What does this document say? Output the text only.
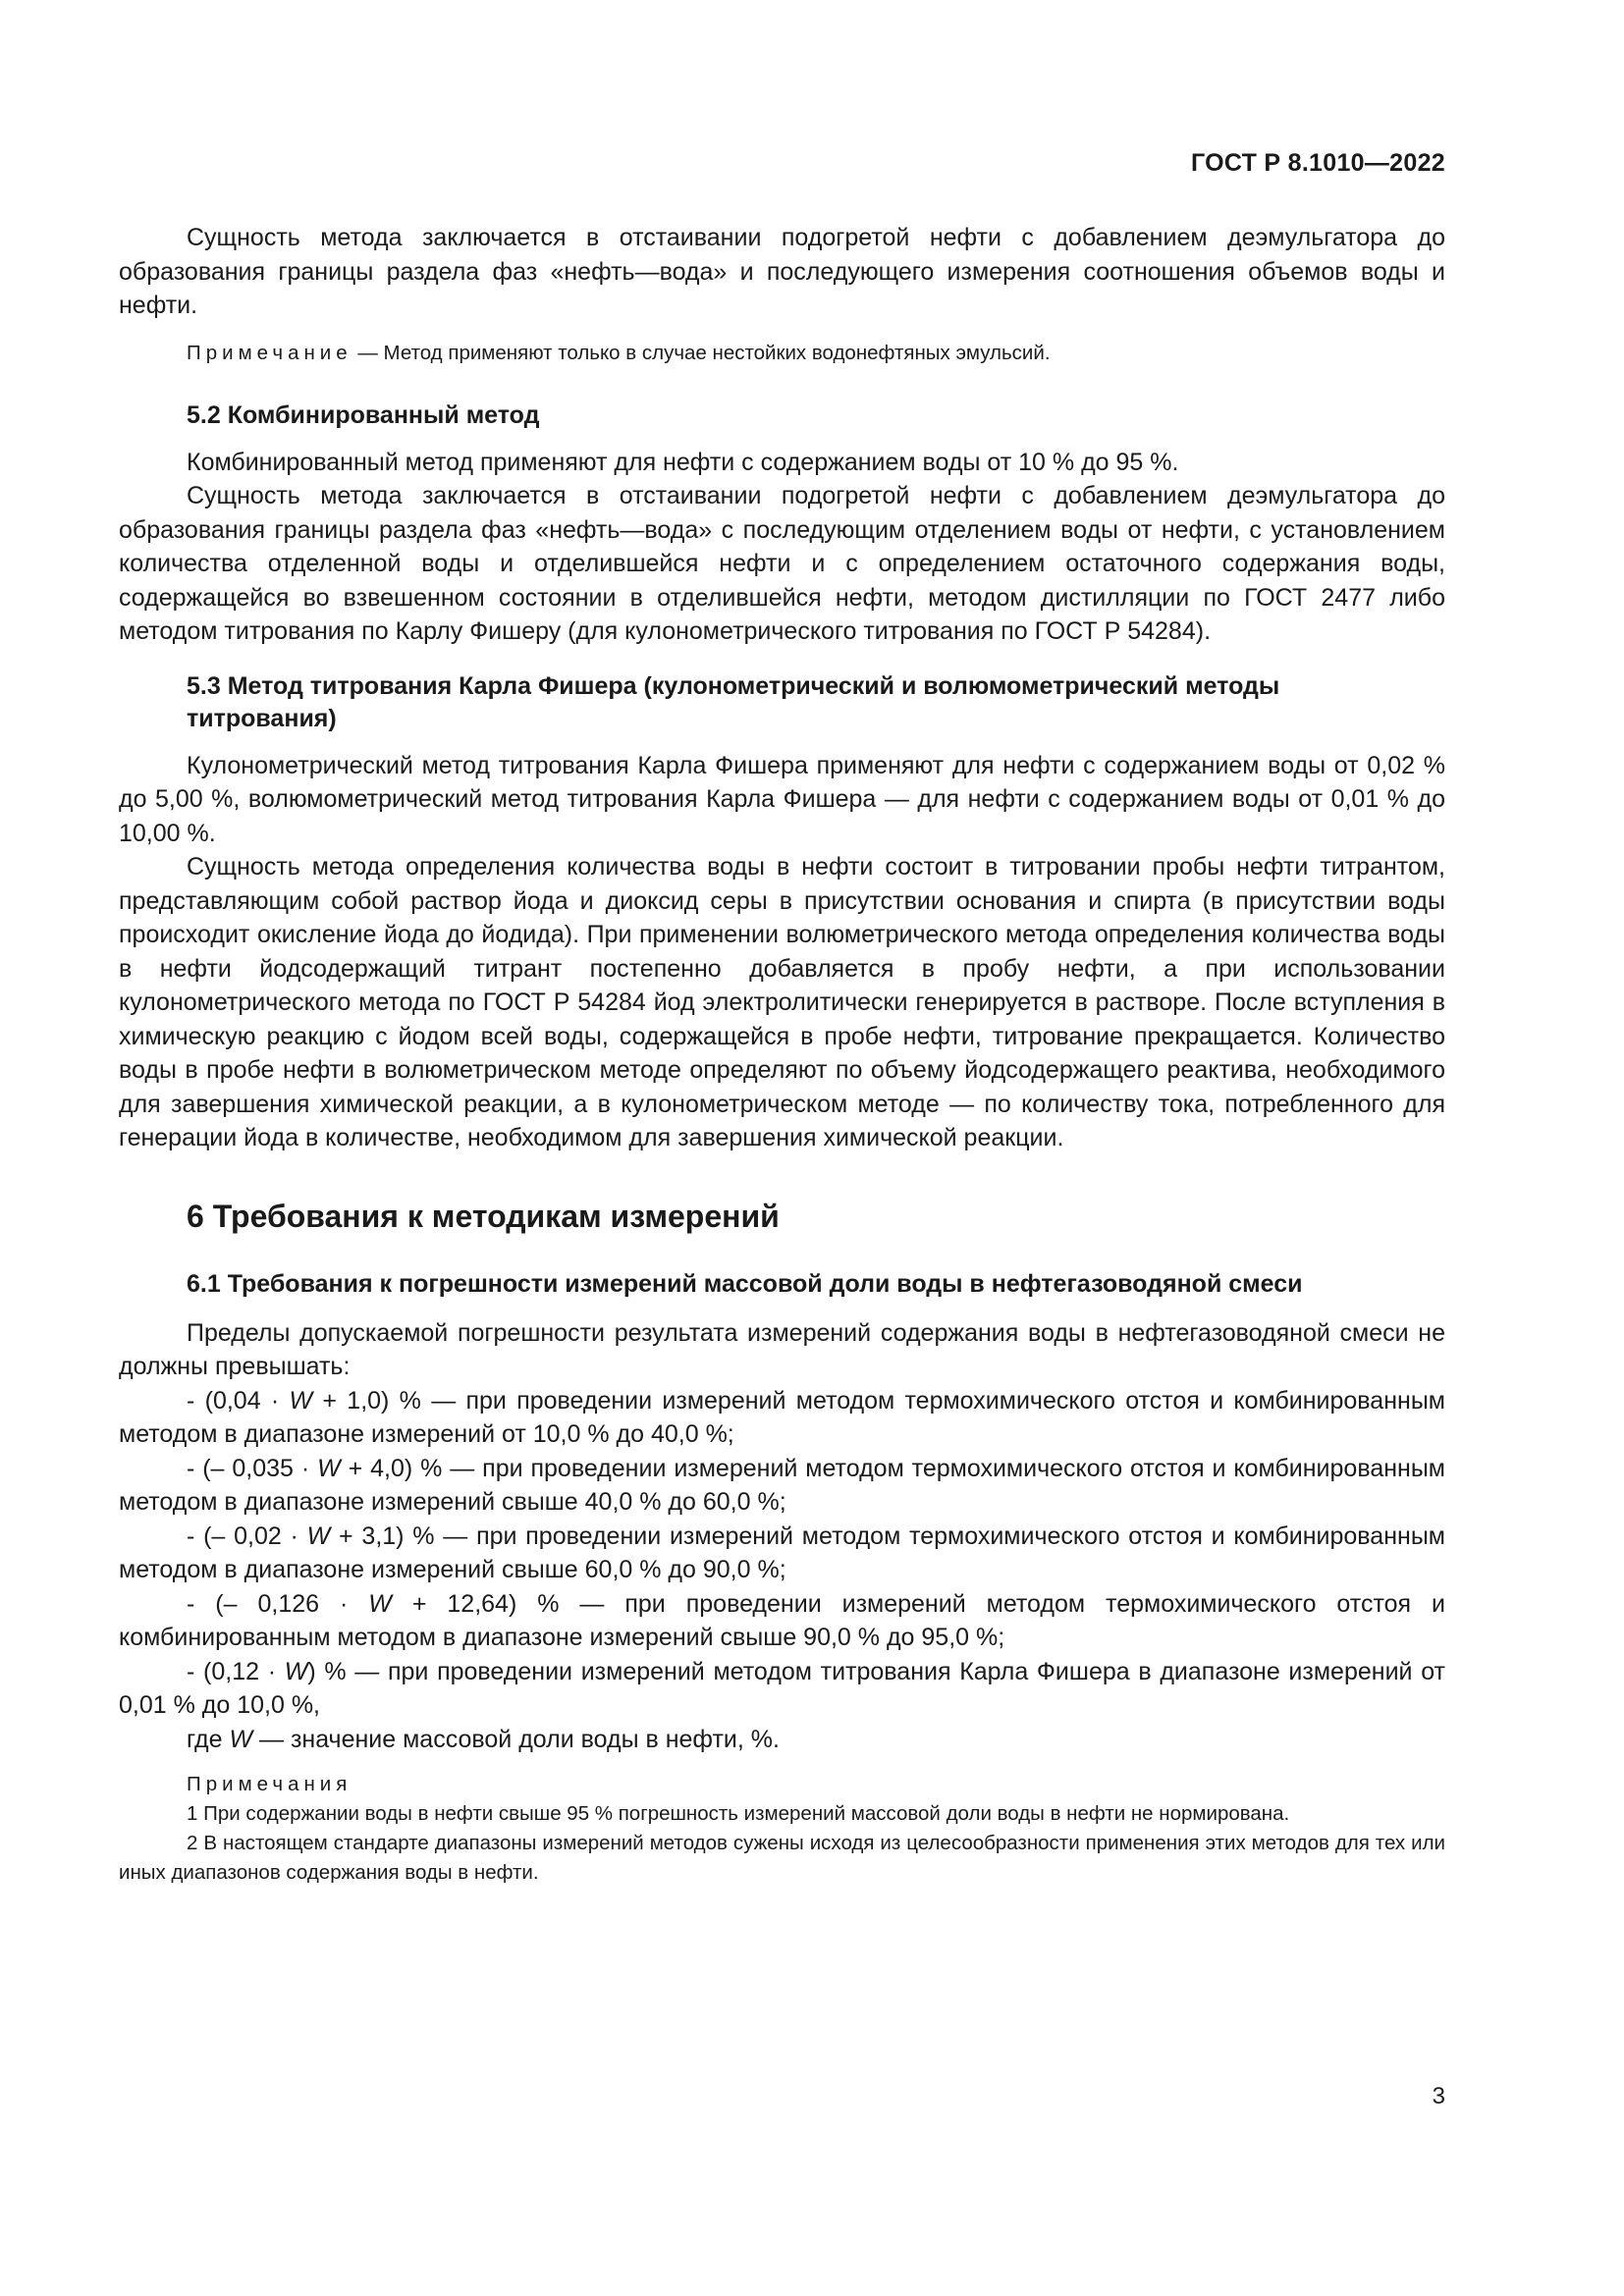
ГОСТ Р 8.1010—2022

Сущность метода заключается в отстаивании подогретой нефти с добавлением деэмульгатора до образования границы раздела фаз «нефть—вода» и последующего измерения соотношения объемов воды и нефти.

Примечание — Метод применяют только в случае нестойких водонефтяных эмульсий.
5.2 Комбинированный метод

Комбинированный метод применяют для нефти с содержанием воды от 10 % до 95 %.

Сущность метода заключается в отстаивании подогретой нефти с добавлением деэмульгатора до образования границы раздела фаз «нефть—вода» с последующим отделением воды от нефти, с установлением количества отделенной воды и отделившейся нефти и с определением остаточного содержания воды, содержащейся во взвешенном состоянии в отделившейся нефти, методом дистилляции по ГОСТ 2477 либо методом титрования по Карлу Фишеру (для кулонометрического титрования по ГОСТ Р 54284).

5.3 Метод титрования Карла Фишера (кулонометрический и волюмометрический методы
титрования)

Кулонометрический метод титрования Карла Фишера применяют для нефти с содержанием воды от 0,02 % до 5,00 %, волюмометрический метод титрования Карла Фишера — для нефти с содержанием воды от 0,01 % до 10,00 %.

Сущность метода определения количества воды в нефти состоит в титровании пробы нефти титрантом, представляющим собой раствор йода и диоксид серы в присутствии основания и спирта (в присутствии воды происходит окисление йода до йодида). При применении волюметрического метода определения количества воды в нефти йодсодержащий титрант постепенно добавляется в пробу нефти, а при использовании кулонометрического метода по ГОСТ Р 54284 йод электролитически генерируется в растворе. После вступления в химическую реакцию с йодом всей воды, содержащейся в пробе нефти, титрование прекращается. Количество воды в пробе нефти в волюметрическом методе определяют по объему йодсодержащего реактива, необходимого для завершения химической реакции, а в кулонометрическом методе — по количеству тока, потребленного для генерации йода в количестве, необходимом для завершения химической реакции.

6 Требования к методикам измерений
6.1 Требования к погрешности измерений массовой доли воды в нефтегазоводяной смеси

Пределы допускаемой погрешности результата измерений содержания воды в нефтегазоводяной смеси не должны превышать:

- (0,04 · W + 1,0) % — при проведении измерений методом термохимического отстоя и комбинированным методом в диапазоне измерений от 10,0 % до 40,0 %;

- (– 0,035 · W + 4,0) % — при проведении измерений методом термохимического отстоя и комбинированным методом в диапазоне измерений свыше 40,0 % до 60,0 %;

- (– 0,02 · W + 3,1) % — при проведении измерений методом термохимического отстоя и комбинированным методом в диапазоне измерений свыше 60,0 % до 90,0 %;

- (– 0,126 · W + 12,64) % — при проведении измерений методом термохимического отстоя и комбинированным методом в диапазоне измерений свыше 90,0 % до 95,0 %;

- (0,12 · W) % — при проведении измерений методом титрования Карла Фишера в диапазоне измерений от 0,01 % до 10,0 %,

где W — значение массовой доли воды в нефти, %.

Примечания
1 При содержании воды в нефти свыше 95 % погрешность измерений массовой доли воды в нефти не нормирована.
2 В настоящем стандарте диапазоны измерений методов сужены исходя из целесообразности применения этих методов для тех или иных диапазонов содержания воды в нефти.
3
